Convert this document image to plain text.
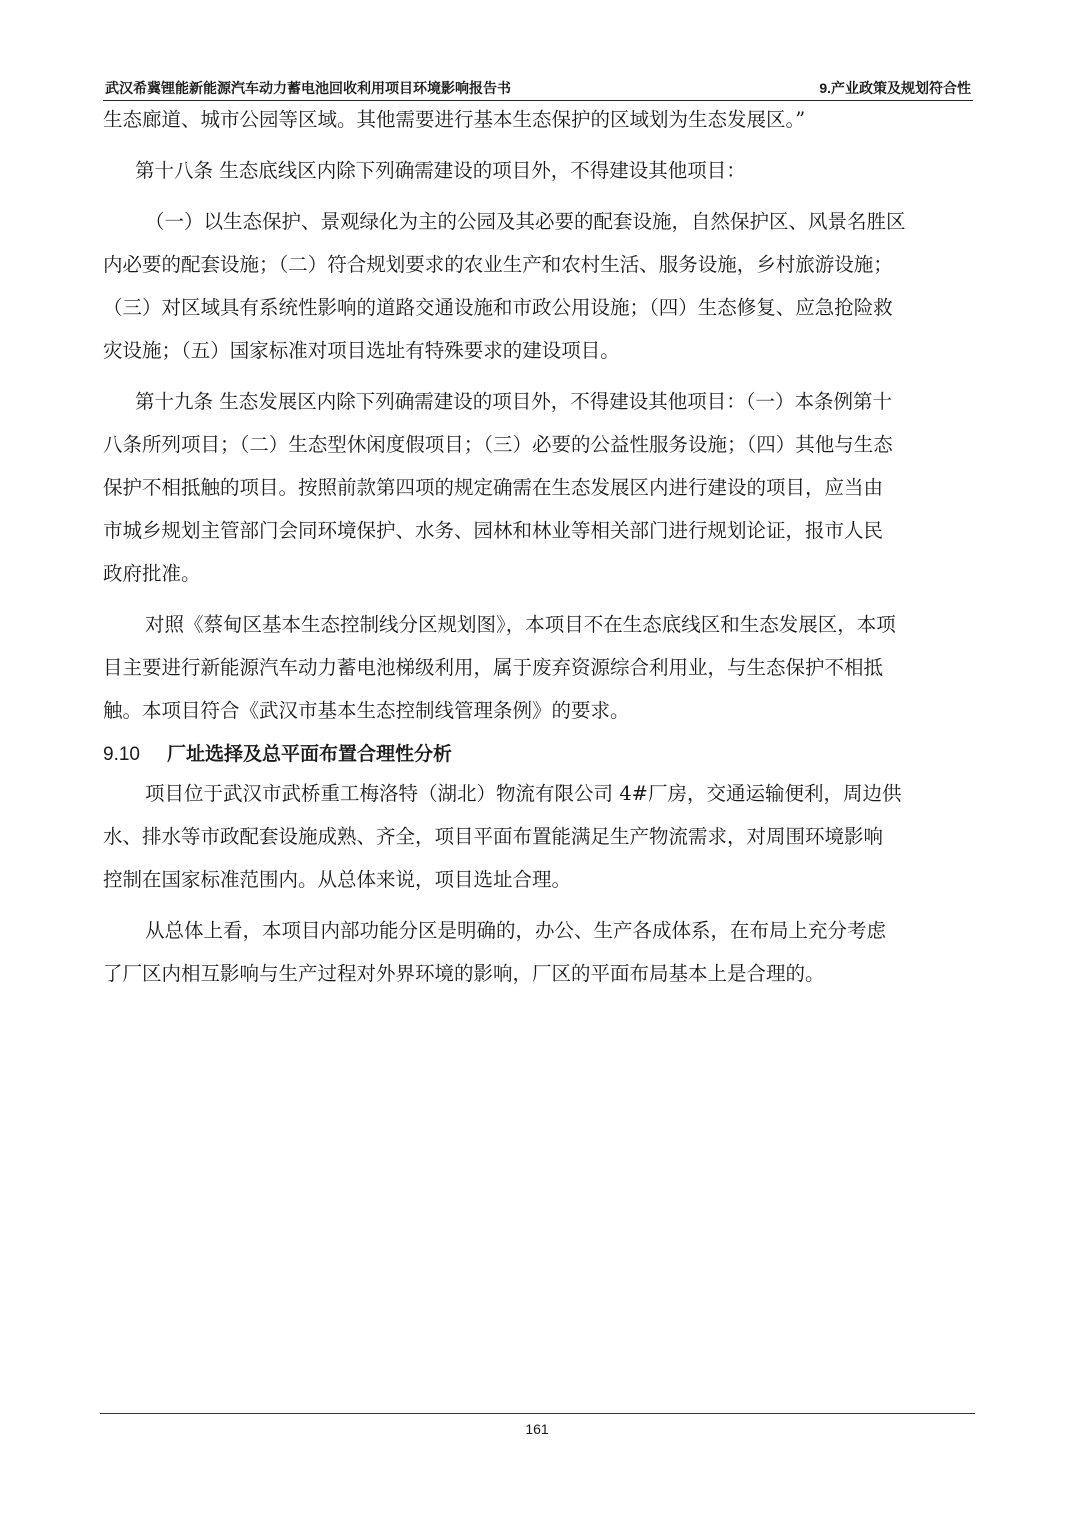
武汉希冀锂能新能源汽车动力蓄电池回收利用项目环境影响报告书	9.产业政策及规划符合性

生态廊道、城市公园等区域。其他需要进行基本生态保护的区域划为生态发展区。”

第十八条 生态底线区内除下列确需建设的项目外，不得建设其他项目：

（一）以生态保护、景观绿化为主的公园及其必要的配套设施，自然保护区、风景名胜区
内必要的配套设施；（二）符合规划要求的农业生产和农村生活、服务设施，乡村旅游设施；
（三）对区域具有系统性影响的道路交通设施和市政公用设施；（四）生态修复、应急抢险救
灾设施；（五）国家标准对项目选址有特殊要求的建设项目。

第十九条 生态发展区内除下列确需建设的项目外，不得建设其他项目：（一）本条例第十
八条所列项目；（二）生态型休闲度假项目；（三）必要的公益性服务设施；（四）其他与生态
保护不相抵触的项目。按照前款第四项的规定确需在生态发展区内进行建设的项目，应当由
市城乡规划主管部门会同环境保护、水务、园林和林业等相关部门进行规划论证，报市人民
政府批准。

对照《蔡甸区基本生态控制线分区规划图》，本项目不在生态底线区和生态发展区，本项
目主要进行新能源汽车动力蓄电池梯级利用，属于废弃资源综合利用业，与生态保护不相抵
触。本项目符合《武汉市基本生态控制线管理条例》的要求。

9.10 厂址选择及总平面布置合理性分析

项目位于武汉市武桥重工梅洛特（湖北）物流有限公司 4#厂房，交通运输便利，周边供
水、排水等市政配套设施成熟、齐全，项目平面布置能满足生产物流需求，对周围环境影响
控制在国家标准范围内。从总体来说，项目选址合理。

从总体上看，本项目内部功能分区是明确的，办公、生产各成体系，在布局上充分考虑
了厂区内相互影响与生产过程对外界环境的影响，厂区的平面布局基本上是合理的。

161
